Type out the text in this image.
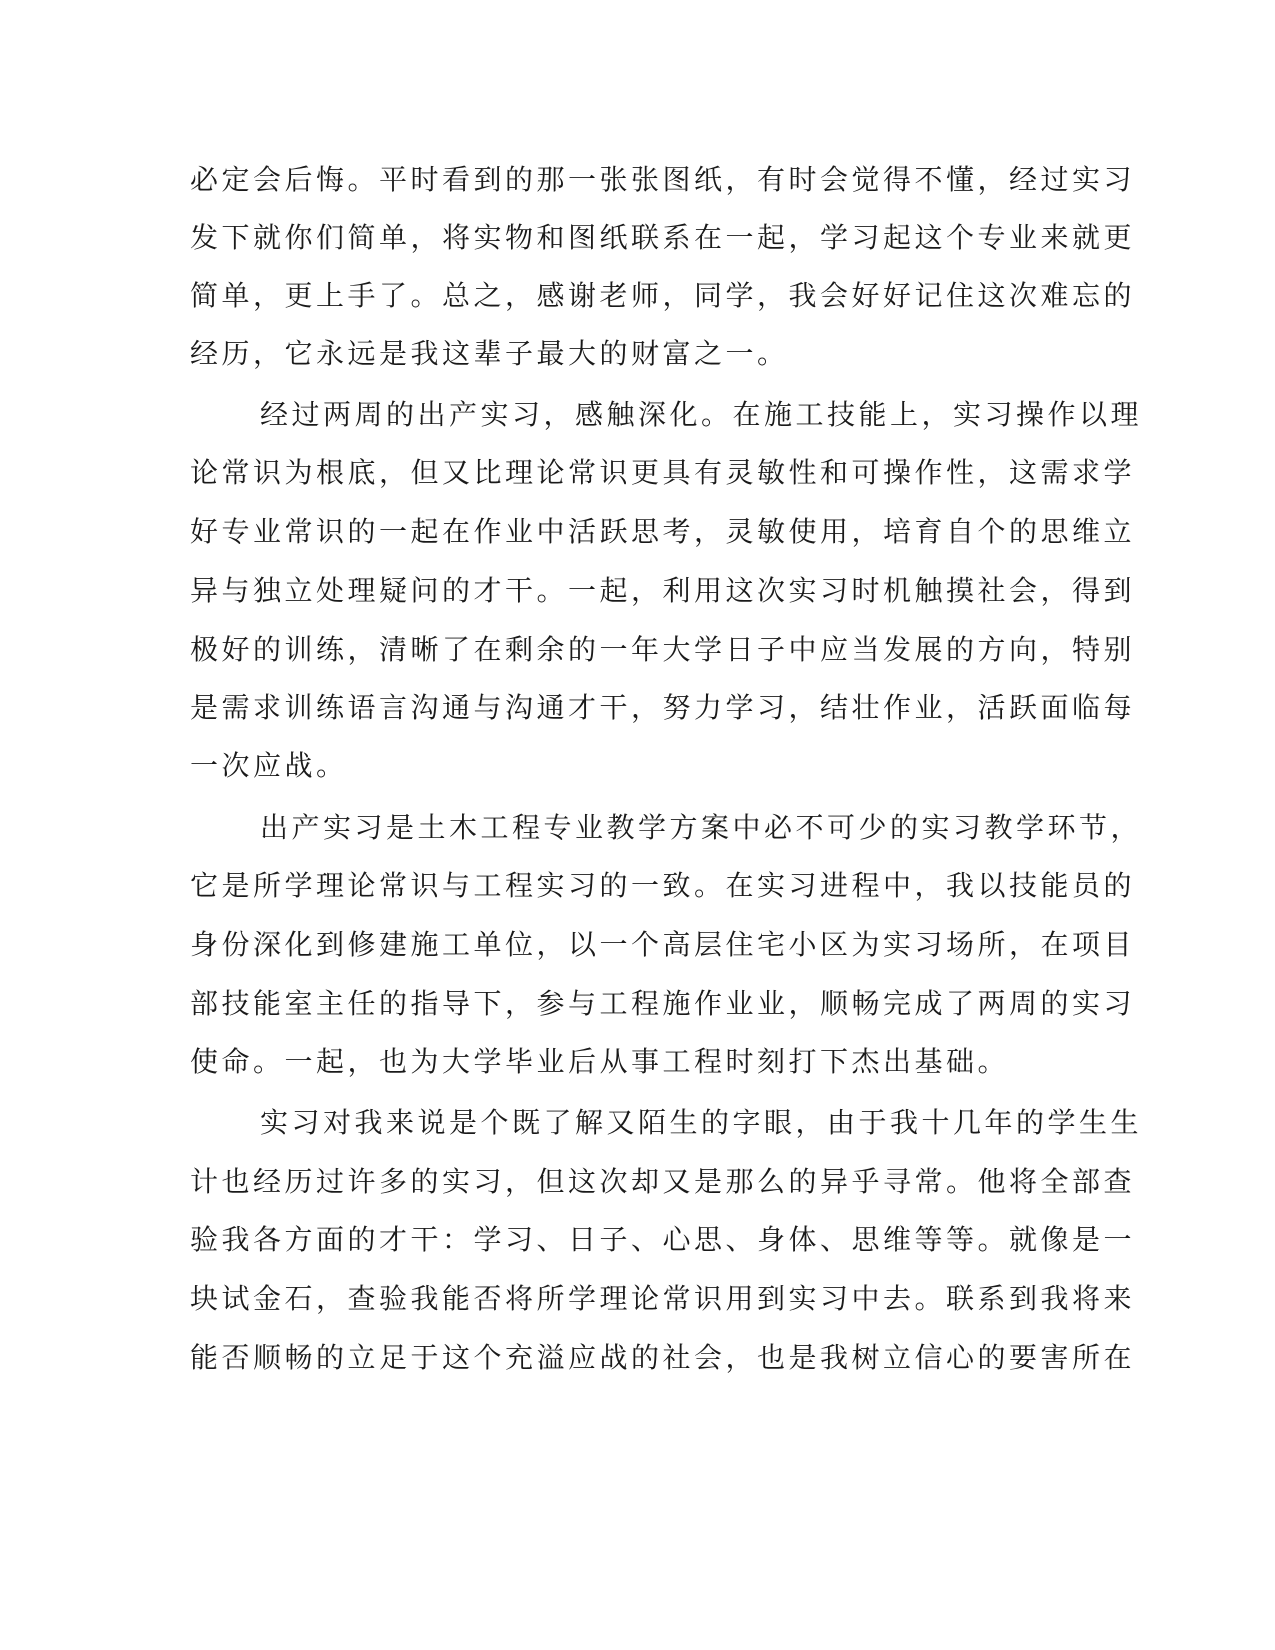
必定会后悔。平时看到的那一张张图纸，有时会觉得不懂，经过实习
发下就你们简单，将实物和图纸联系在一起，学习起这个专业来就更
简单，更上手了。总之，感谢老师，同学，我会好好记住这次难忘的
经历，它永远是我这辈子最大的财富之一。
经过两周的出产实习，感触深化。在施工技能上，实习操作以理
论常识为根底，但又比理论常识更具有灵敏性和可操作性，这需求学
好专业常识的一起在作业中活跃思考，灵敏使用，培育自个的思维立
异与独立处理疑问的才干。一起，利用这次实习时机触摸社会，得到
极好的训练，清晰了在剩余的一年大学日子中应当发展的方向，特别
是需求训练语言沟通与沟通才干，努力学习，结壮作业，活跃面临每
一次应战。
出产实习是土木工程专业教学方案中必不可少的实习教学环节，
它是所学理论常识与工程实习的一致。在实习进程中，我以技能员的
身份深化到修建施工单位，以一个高层住宅小区为实习场所，在项目
部技能室主任的指导下，参与工程施作业业，顺畅完成了两周的实习
使命。一起，也为大学毕业后从事工程时刻打下杰出基础。
实习对我来说是个既了解又陌生的字眼，由于我十几年的学生生
计也经历过许多的实习，但这次却又是那么的异乎寻常。他将全部查
验我各方面的才干：学习、日子、心思、身体、思维等等。就像是一
块试金石，查验我能否将所学理论常识用到实习中去。联系到我将来
能否顺畅的立足于这个充溢应战的社会，也是我树立信心的要害所在
